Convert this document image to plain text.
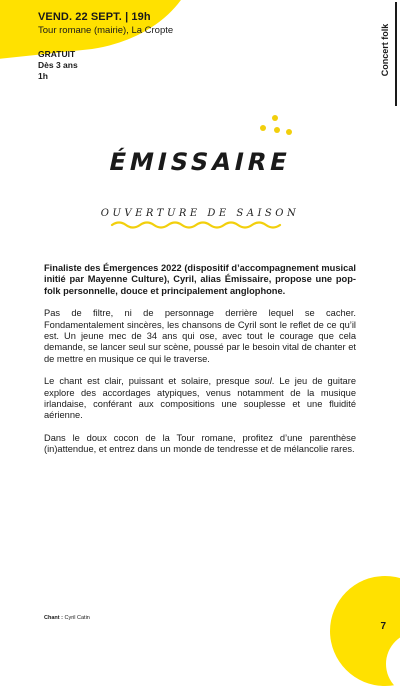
VEND. 22 SEPT. | 19h
Tour romane (mairie), La Cropte
GRATUIT
Dès 3 ans
1h	Concert folk
ÉMISSAIRE
OUVERTURE DE SAISON

Finaliste des Émergences 2022 (dispositif d’accompagnement musical initié par Mayenne Culture), Cyril, alias Émissaire, propose une pop-folk personnelle, douce et principalement anglophone.

Pas de filtre, ni de personnage derrière lequel se cacher. Fondamentalement sincères, les chansons de Cyril sont le reflet de ce qu’il est. Un jeune mec de 34 ans qui ose, avec tout le courage que cela demande, se lancer seul sur scène, poussé par le besoin vital de chanter et de mettre en musique ce qui le traverse.

Le chant est clair, puissant et solaire, presque soul. Le jeu de guitare explore des accordages atypiques, venus notamment de la musique irlandaise, conférant aux compositions une souplesse et une fluidité aérienne.

Dans le doux cocon de la Tour romane, profitez d’une parenthèse (in)attendue, et entrez dans un monde de tendresse et de mélancolie rares.

Chant : Cyril Catin
7
